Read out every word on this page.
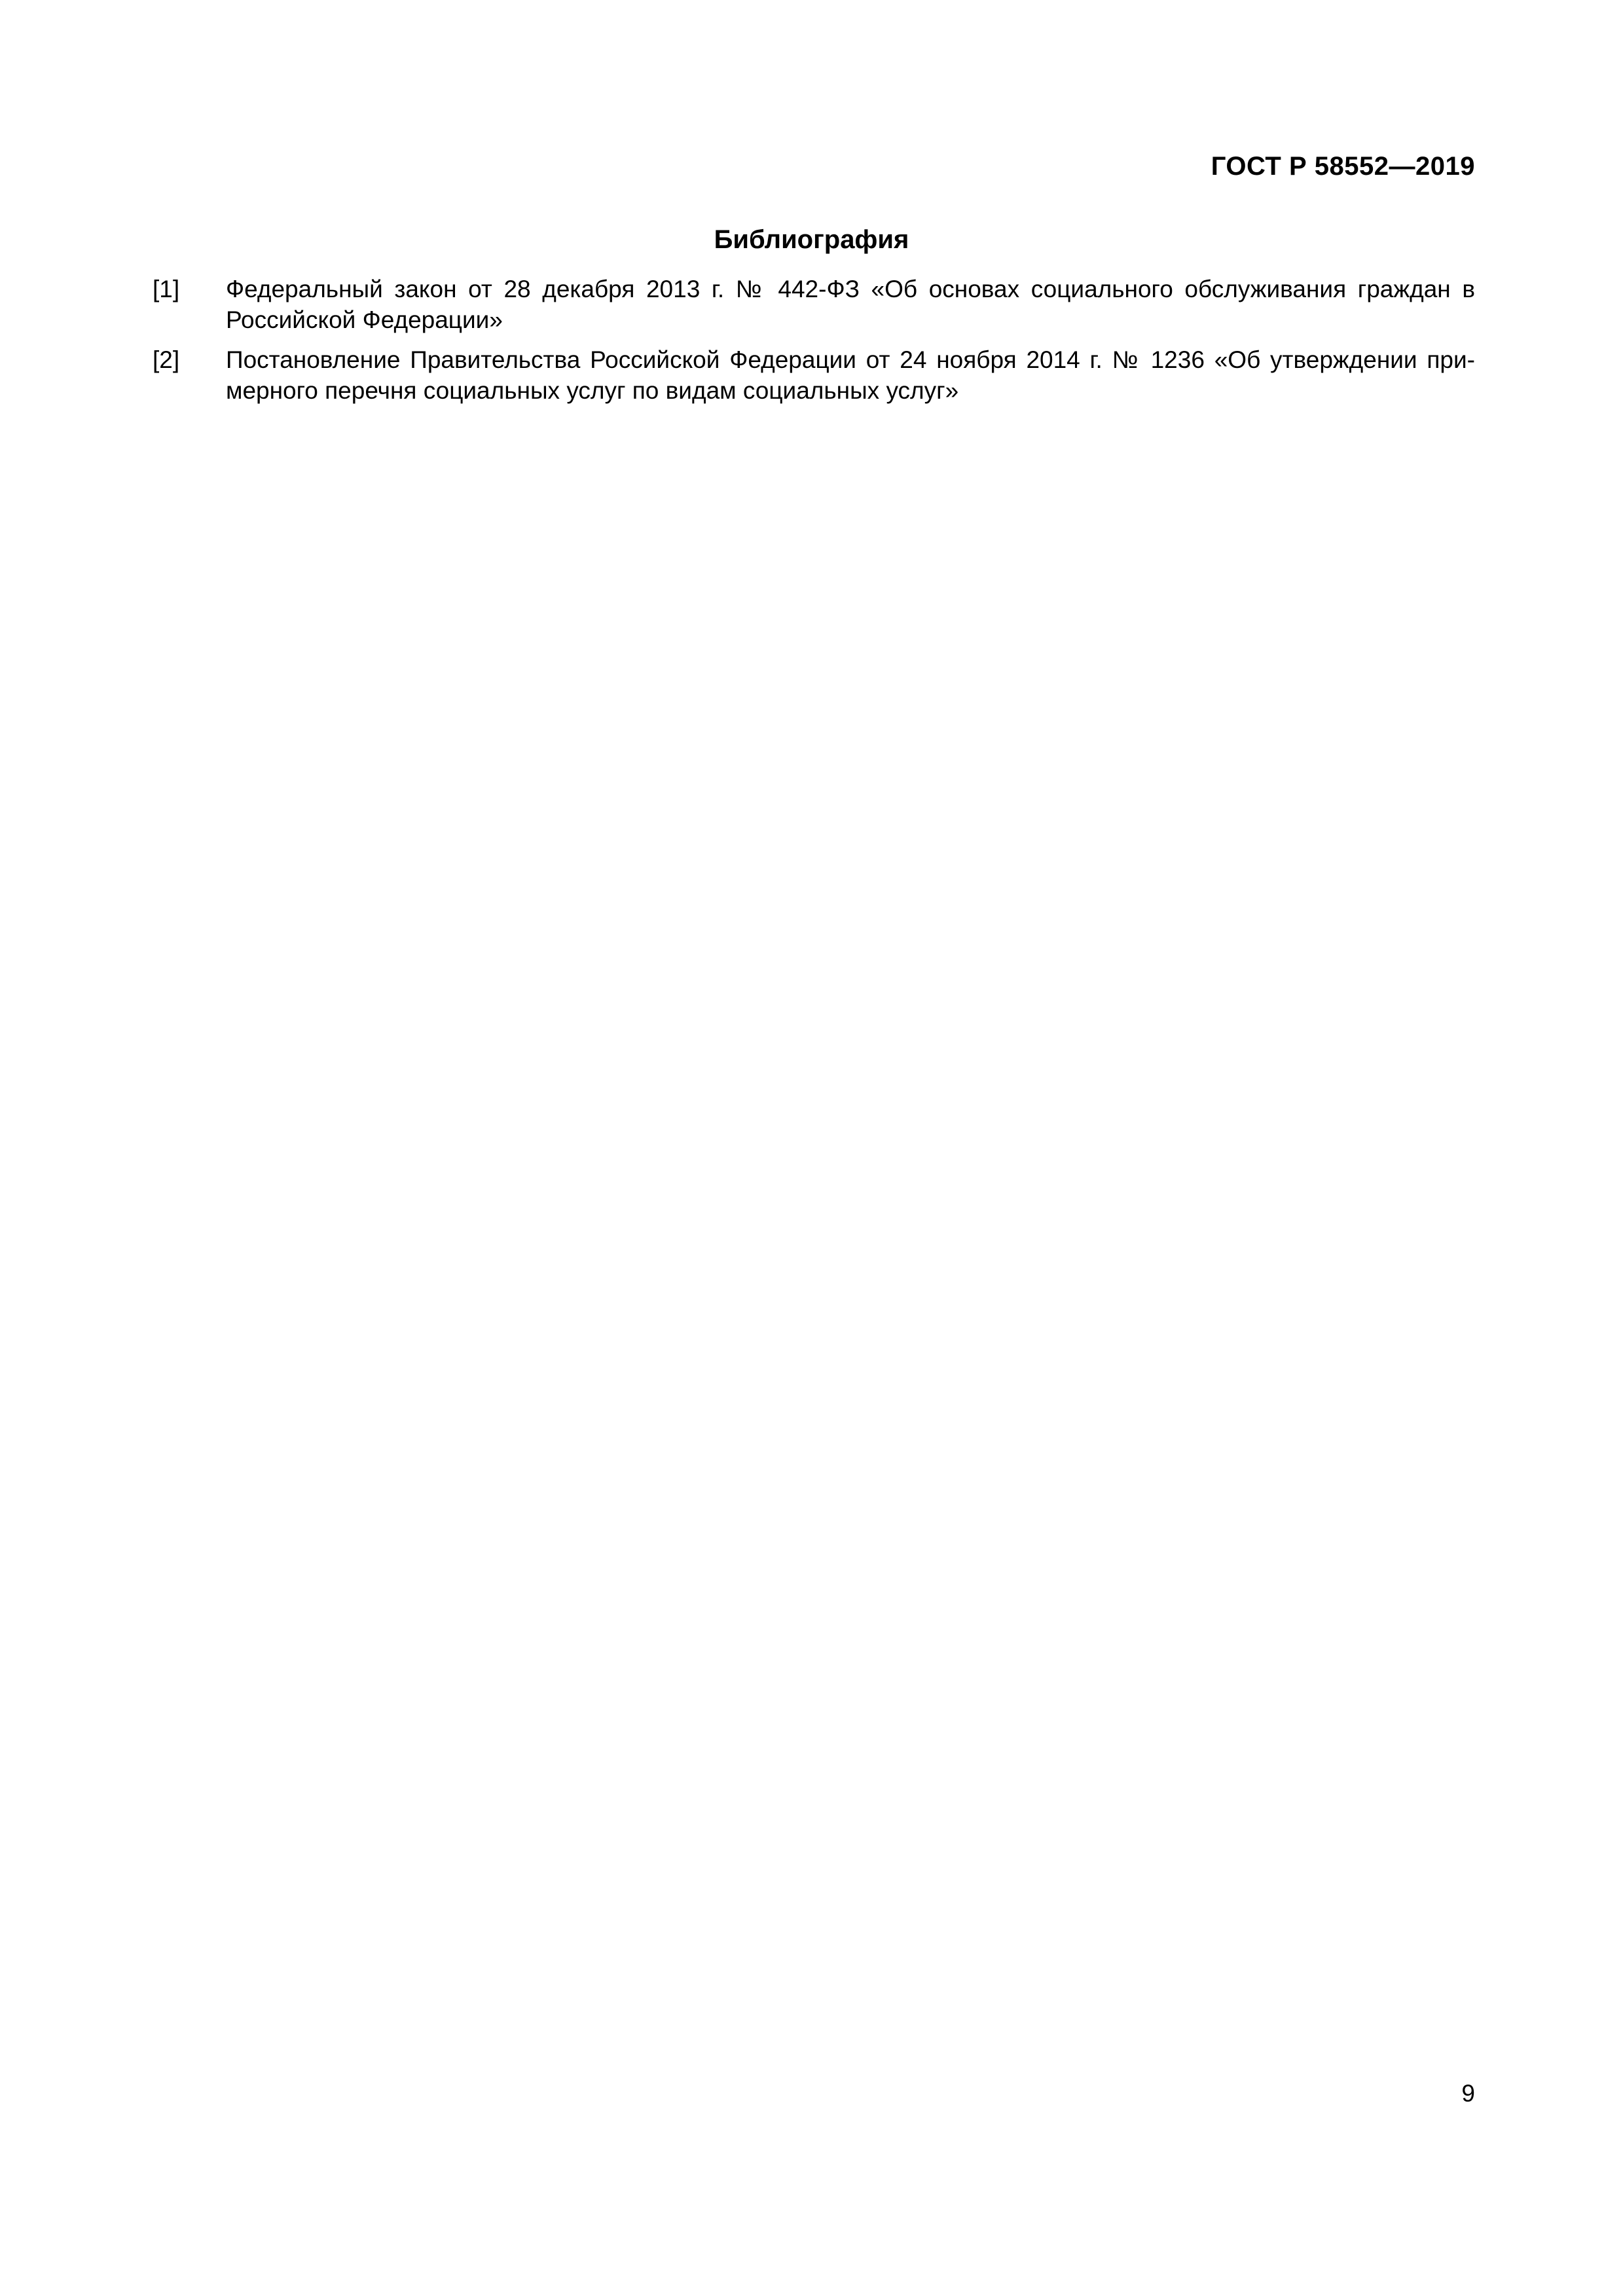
ГОСТ Р 58552—2019
Библиография
[1] Федеральный закон от 28 декабря 2013 г. № 442-ФЗ «Об основах социального обслуживания граждан в Российской Федерации»
[2] Постановление Правительства Российской Федерации от 24 ноября 2014 г. № 1236 «Об утверждении примерного перечня социальных услуг по видам социальных услуг»
9
